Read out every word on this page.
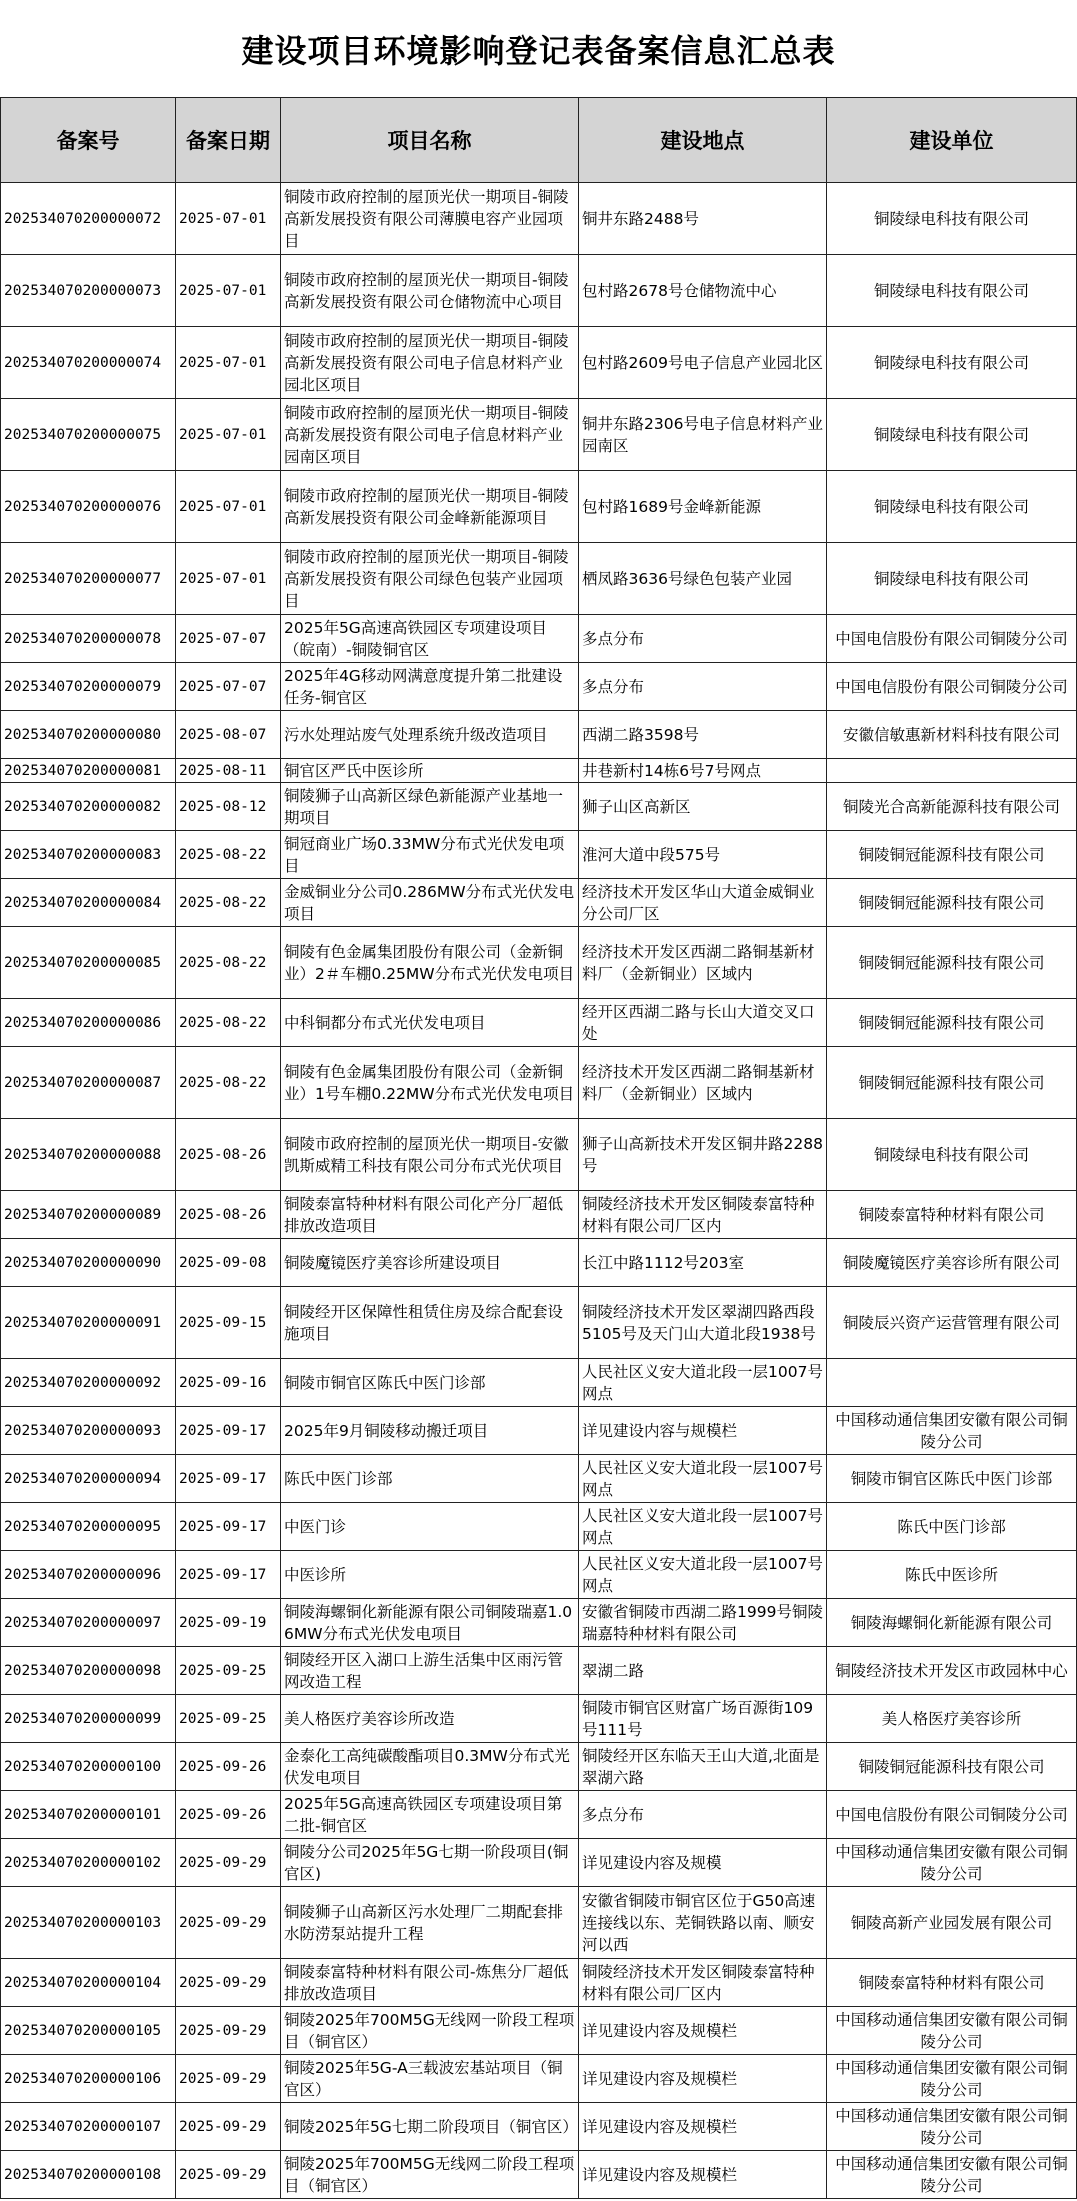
建设项目环境影响登记表备案信息汇总表
备案号	备案日期	项目名称	建设地点	建设单位
202534070200000072	2025-07-01	铜陵市政府控制的屋顶光伏一期项目-铜陵高新发展投资有限公司薄膜电容产业园项目	铜井东路2488号	铜陵绿电科技有限公司
202534070200000073	2025-07-01	铜陵市政府控制的屋顶光伏一期项目-铜陵高新发展投资有限公司仓储物流中心项目	包村路2678号仓储物流中心	铜陵绿电科技有限公司
202534070200000074	2025-07-01	铜陵市政府控制的屋顶光伏一期项目-铜陵高新发展投资有限公司电子信息材料产业园北区项目	包村路2609号电子信息产业园北区	铜陵绿电科技有限公司
202534070200000075	2025-07-01	铜陵市政府控制的屋顶光伏一期项目-铜陵高新发展投资有限公司电子信息材料产业园南区项目	铜井东路2306号电子信息材料产业园南区	铜陵绿电科技有限公司
202534070200000076	2025-07-01	铜陵市政府控制的屋顶光伏一期项目-铜陵高新发展投资有限公司金峰新能源项目	包村路1689号金峰新能源	铜陵绿电科技有限公司
202534070200000077	2025-07-01	铜陵市政府控制的屋顶光伏一期项目-铜陵高新发展投资有限公司绿色包装产业园项目	栖凤路3636号绿色包装产业园	铜陵绿电科技有限公司
202534070200000078	2025-07-07	2025年5G高速高铁园区专项建设项目（皖南）-铜陵铜官区	多点分布	中国电信股份有限公司铜陵分公司
202534070200000079	2025-07-07	2025年4G移动网满意度提升第二批建设任务-铜官区	多点分布	中国电信股份有限公司铜陵分公司
202534070200000080	2025-08-07	污水处理站废气处理系统升级改造项目	西湖二路3598号	安徽信敏惠新材料科技有限公司
202534070200000081	2025-08-11	铜官区严氏中医诊所	井巷新村14栋6号7号网点	
202534070200000082	2025-08-12	铜陵狮子山高新区绿色新能源产业基地一期项目	狮子山区高新区	铜陵光合高新能源科技有限公司
202534070200000083	2025-08-22	铜冠商业广场0.33MW分布式光伏发电项目	淮河大道中段575号	铜陵铜冠能源科技有限公司
202534070200000084	2025-08-22	金威铜业分公司0.286MW分布式光伏发电项目	经济技术开发区华山大道金威铜业分公司厂区	铜陵铜冠能源科技有限公司
202534070200000085	2025-08-22	铜陵有色金属集团股份有限公司（金新铜业）2＃车棚0.25MW分布式光伏发电项目	经济技术开发区西湖二路铜基新材料厂（金新铜业）区域内	铜陵铜冠能源科技有限公司
202534070200000086	2025-08-22	中科铜都分布式光伏发电项目	经开区西湖二路与长山大道交叉口处	铜陵铜冠能源科技有限公司
202534070200000087	2025-08-22	铜陵有色金属集团股份有限公司（金新铜业）1号车棚0.22MW分布式光伏发电项目	经济技术开发区西湖二路铜基新材料厂（金新铜业）区域内	铜陵铜冠能源科技有限公司
202534070200000088	2025-08-26	铜陵市政府控制的屋顶光伏一期项目-安徽凯斯威精工科技有限公司分布式光伏项目	狮子山高新技术开发区铜井路2288号	铜陵绿电科技有限公司
202534070200000089	2025-08-26	铜陵泰富特种材料有限公司化产分厂超低排放改造项目	铜陵经济技术开发区铜陵泰富特种材料有限公司厂区内	铜陵泰富特种材料有限公司
202534070200000090	2025-09-08	铜陵魔镜医疗美容诊所建设项目	长江中路1112号203室	铜陵魔镜医疗美容诊所有限公司
202534070200000091	2025-09-15	铜陵经开区保障性租赁住房及综合配套设施项目	铜陵经济技术开发区翠湖四路西段5105号及天门山大道北段1938号	铜陵辰兴资产运营管理有限公司
202534070200000092	2025-09-16	铜陵市铜官区陈氏中医门诊部	人民社区义安大道北段一层1007号网点	
202534070200000093	2025-09-17	2025年9月铜陵移动搬迁项目	详见建设内容与规模栏	中国移动通信集团安徽有限公司铜陵分公司
202534070200000094	2025-09-17	陈氏中医门诊部	人民社区义安大道北段一层1007号网点	铜陵市铜官区陈氏中医门诊部
202534070200000095	2025-09-17	中医门诊	人民社区义安大道北段一层1007号网点	陈氏中医门诊部
202534070200000096	2025-09-17	中医诊所	人民社区义安大道北段一层1007号网点	陈氏中医诊所
202534070200000097	2025-09-19	铜陵海螺铜化新能源有限公司铜陵瑞嘉1.06MW分布式光伏发电项目	安徽省铜陵市西湖二路1999号铜陵瑞嘉特种材料有限公司	铜陵海螺铜化新能源有限公司
202534070200000098	2025-09-25	铜陵经开区入湖口上游生活集中区雨污管网改造工程	翠湖二路	铜陵经济技术开发区市政园林中心
202534070200000099	2025-09-25	美人格医疗美容诊所改造	铜陵市铜官区财富广场百源街109号111号	美人格医疗美容诊所
202534070200000100	2025-09-26	金泰化工高纯碳酸酯项目0.3MW分布式光伏发电项目	铜陵经开区东临天王山大道,北面是翠湖六路	铜陵铜冠能源科技有限公司
202534070200000101	2025-09-26	2025年5G高速高铁园区专项建设项目第二批-铜官区	多点分布	中国电信股份有限公司铜陵分公司
202534070200000102	2025-09-29	铜陵分公司2025年5G七期一阶段项目(铜官区)	详见建设内容及规模	中国移动通信集团安徽有限公司铜陵分公司
202534070200000103	2025-09-29	铜陵狮子山高新区污水处理厂二期配套排水防涝泵站提升工程	安徽省铜陵市铜官区位于G50高速连接线以东、芜铜铁路以南、顺安河以西	铜陵高新产业园发展有限公司
202534070200000104	2025-09-29	铜陵泰富特种材料有限公司-炼焦分厂超低排放改造项目	铜陵经济技术开发区铜陵泰富特种材料有限公司厂区内	铜陵泰富特种材料有限公司
202534070200000105	2025-09-29	铜陵2025年700M5G无线网一阶段工程项目（铜官区）	详见建设内容及规模栏	中国移动通信集团安徽有限公司铜陵分公司
202534070200000106	2025-09-29	铜陵2025年5G-A三载波宏基站项目（铜官区）	详见建设内容及规模栏	中国移动通信集团安徽有限公司铜陵分公司
202534070200000107	2025-09-29	铜陵2025年5G七期二阶段项目（铜官区）	详见建设内容及规模栏	中国移动通信集团安徽有限公司铜陵分公司
202534070200000108	2025-09-29	铜陵2025年700M5G无线网二阶段工程项目（铜官区）	详见建设内容及规模栏	中国移动通信集团安徽有限公司铜陵分公司
